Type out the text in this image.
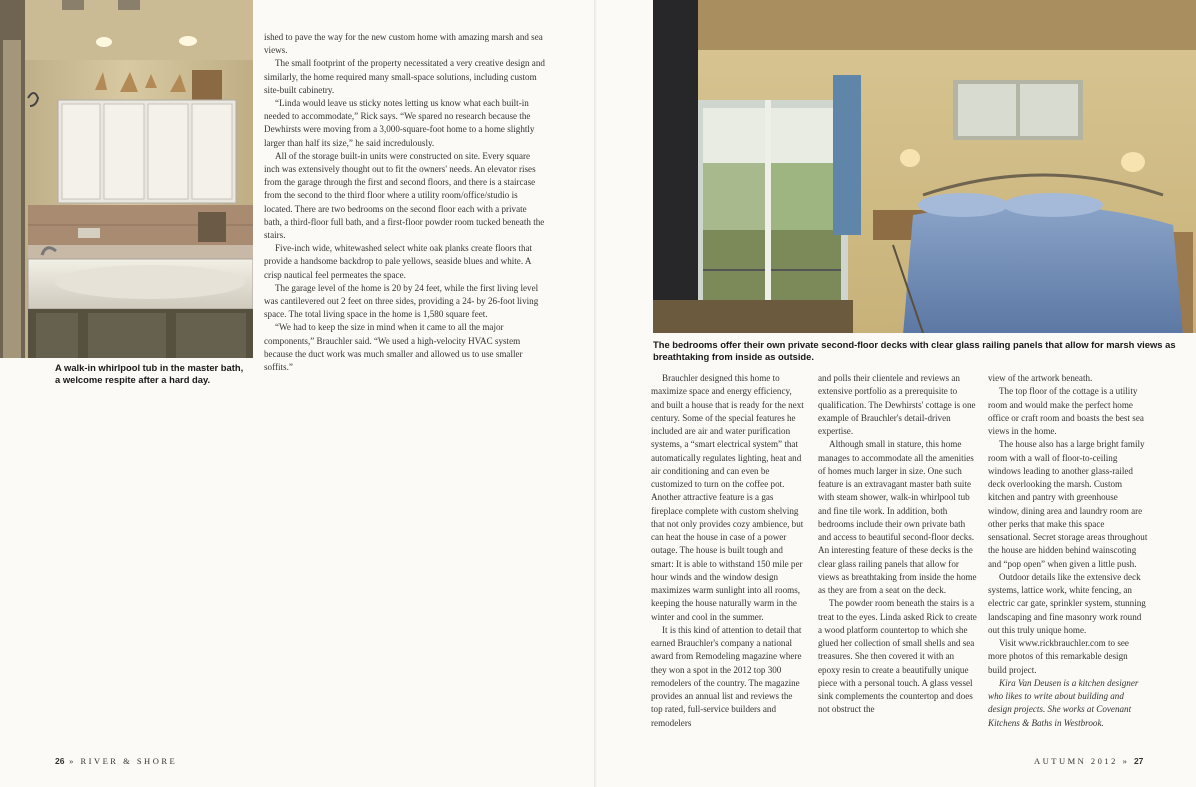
A walk-in whirlpool tub in the master bath, a welcome respite after a hard day.

ished to pave the way for the new custom home with amazing marsh and sea views.

The small footprint of the property necessitated a very creative design and similarly, the home required many small-space solutions, including custom site-built cabinetry.

“Linda would leave us sticky notes letting us know what each built-in needed to accommodate,” Rick says. “We spared no research because the Dewhirsts were moving from a 3,000-square-foot home to a home slightly larger than half its size,” he said incredulously.

All of the storage built-in units were constructed on site. Every square inch was extensively thought out to fit the owners' needs. An elevator rises from the garage through the first and second floors, and there is a staircase from the second to the third floor where a utility room/office/studio is located. There are two bedrooms on the second floor each with a private bath, a third-floor full bath, and a first-floor powder room tucked beneath the stairs.

Five-inch wide, whitewashed select white oak planks create floors that provide a handsome backdrop to pale yellows, seaside blues and white. A crisp nautical feel permeates the space.

The garage level of the home is 20 by 24 feet, while the first living level was cantilevered out 2 feet on three sides, providing a 24- by 26-foot living space. The total living space in the home is 1,580 square feet.

“We had to keep the size in mind when it came to all the major components,” Brauchler said. “We used a high-velocity HVAC system because the duct work was much smaller and allowed us to use smaller soffits.”

26 » RIVER & SHORE
The bedrooms offer their own private second-floor decks with clear glass railing panels that allow for marsh views as breathtaking from inside as outside.

Brauchler designed this home to maximize space and energy efficiency, and built a house that is ready for the next century. Some of the special features he included are air and water purification systems, a “smart electrical system” that automatically regulates lighting, heat and air conditioning and can even be customized to turn on the coffee pot. Another attractive feature is a gas fireplace complete with custom shelving that not only provides cozy ambience, but can heat the house in case of a power outage. The house is built tough and smart: It is able to withstand 150 mile per hour winds and the window design maximizes warm sunlight into all rooms, keeping the house naturally warm in the winter and cool in the summer.

It is this kind of attention to detail that earned Brauchler's company a national award from Remodeling magazine where they won a spot in the 2012 top 300 remodelers of the country. The magazine provides an annual list and reviews the top rated, full-service builders and remodelers

and polls their clientele and reviews an extensive portfolio as a prerequisite to qualification. The Dewhirsts' cottage is one example of Brauchler's detail-driven expertise.

Although small in stature, this home manages to accommodate all the amenities of homes much larger in size. One such feature is an extravagant master bath suite with steam shower, walk-in whirlpool tub and fine tile work. In addition, both bedrooms include their own private bath and access to beautiful second-floor decks. An interesting feature of these decks is the clear glass railing panels that allow for views as breathtaking from inside the home as they are from a seat on the deck.

The powder room beneath the stairs is a treat to the eyes. Linda asked Rick to create a wood platform countertop to which she glued her collection of small shells and sea treasures. She then covered it with an epoxy resin to create a beautifully unique piece with a personal touch. A glass vessel sink complements the countertop and does not obstruct the

view of the artwork beneath.

The top floor of the cottage is a utility room and would make the perfect home office or craft room and boasts the best sea views in the home.

The house also has a large bright family room with a wall of floor-to-ceiling windows leading to another glass-railed deck overlooking the marsh. Custom kitchen and pantry with greenhouse window, dining area and laundry room are other perks that make this space sensational. Secret storage areas throughout the house are hidden behind wainscoting and “pop open” when given a little push.

Outdoor details like the extensive deck systems, lattice work, white fencing, an electric car gate, sprinkler system, stunning landscaping and fine masonry work round out this truly unique home.

Visit www.rickbrauchler.com to see more photos of this remarkable design build project.

Kira Van Deusen is a kitchen designer who likes to write about building and design projects. She works at Covenant Kitchens & Baths in Westbrook.

AUTUMN 2012 » 27
